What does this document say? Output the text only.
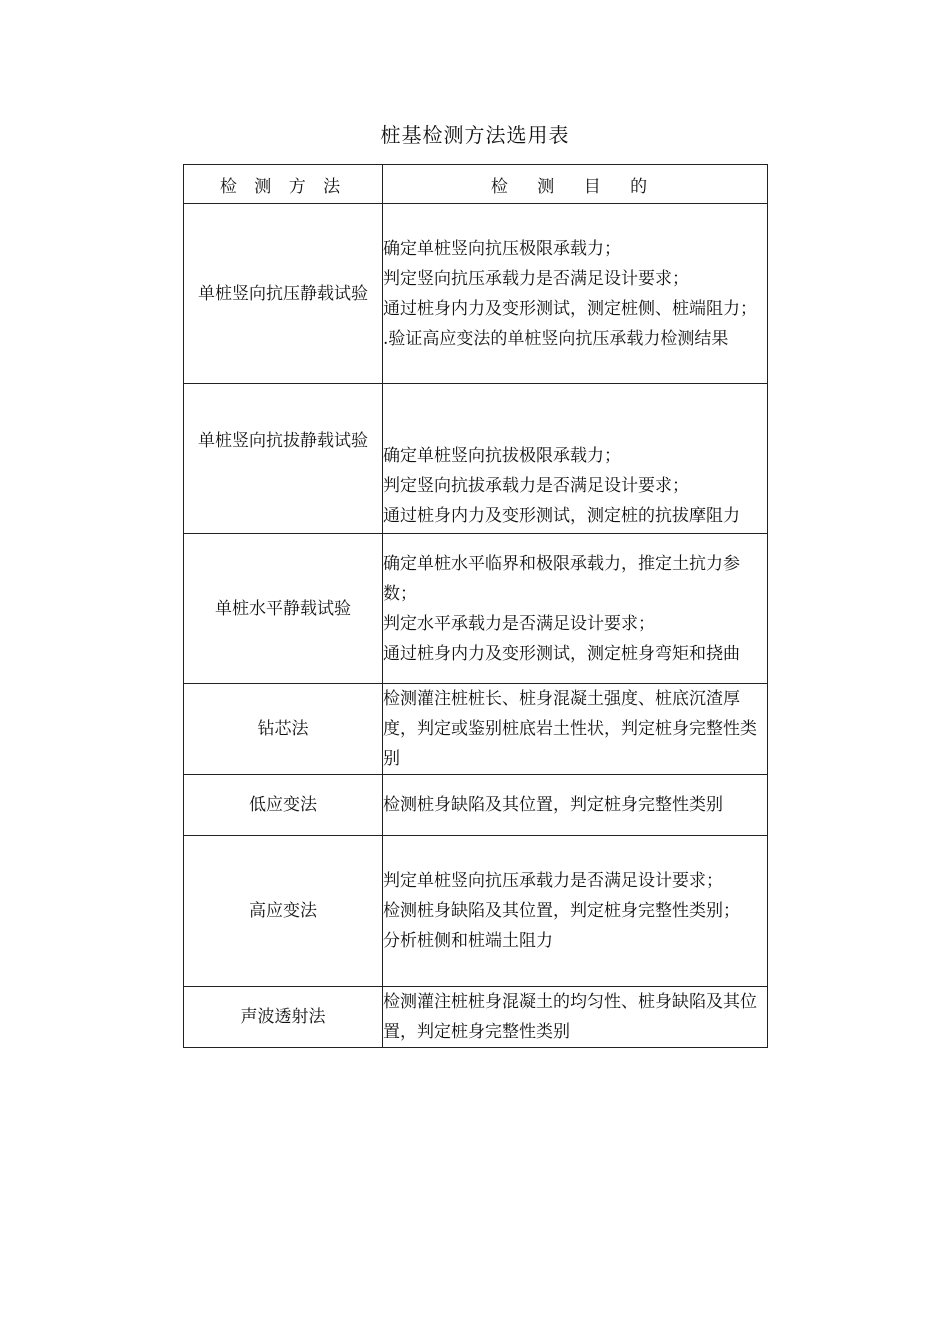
桩基检测方法选用表
检 测 方 法	检 测 目 的
单桩竖向抗压静载试验	确定单桩竖向抗压极限承载力；
判定竖向抗压承载力是否满足设计要求；
通过桩身内力及变形测试，测定桩侧、桩端阻力；
.验证高应变法的单桩竖向抗压承载力检测结果

单桩竖向抗拔静载试验	确定单桩竖向抗拔极限承载力；
判定竖向抗拔承载力是否满足设计要求；
通过桩身内力及变形测试，测定桩的抗拔摩阻力

单桩水平静载试验	确定单桩水平临界和极限承载力，推定土抗力参数；
判定水平承载力是否满足设计要求；
通过桩身内力及变形测试，测定桩身弯矩和挠曲

钻芯法	检测灌注桩桩长、桩身混凝土强度、桩底沉渣厚度，判定或鉴别桩底岩土性状，判定桩身完整性类别

低应变法	检测桩身缺陷及其位置，判定桩身完整性类别

高应变法	判定单桩竖向抗压承载力是否满足设计要求；
检测桩身缺陷及其位置，判定桩身完整性类别；
分析桩侧和桩端土阻力

声波透射法	检测灌注桩桩身混凝土的均匀性、桩身缺陷及其位置，判定桩身完整性类别
